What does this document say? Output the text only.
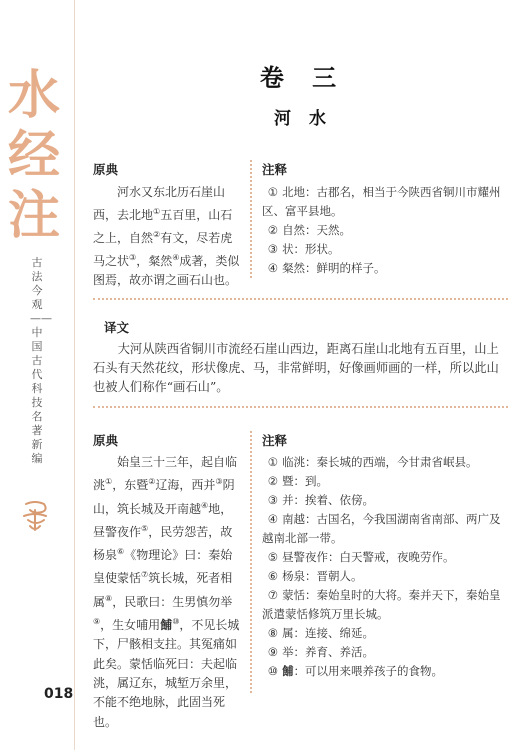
水
经
注
古法今观——中国古代科技名著新编
018
卷 三
河 水
原典	注释
河水又东北历石崖山西，去北地①五百里，山石之上，自然②有文，尽若虎马之状③，粲然④成著，类似图焉，故亦谓之画石山也。
① 北地：古郡名，相当于今陕西省铜川市耀州区、富平县地。
② 自然：天然。
③ 状：形状。
④ 粲然：鲜明的样子。
译文
大河从陕西省铜川市流经石崖山西边，距离石崖山北地有五百里，山上石头有天然花纹，形状像虎、马，非常鲜明，好像画师画的一样，所以此山也被人们称作“画石山”。
原典	注释
始皇三十三年，起自临洮①，东暨②辽海，西并③阴山，筑长城及开南越④地，昼警夜作⑤，民劳怨苦，故杨泉⑥《物理论》曰：秦始皇使蒙恬⑦筑长城，死者相属⑧，民歌曰：生男慎勿举⑨，生女哺用餔⑩，不见长城下，尸骸相支拄。其冤痛如此矣。蒙恬临死曰：夫起临洮，属辽东，城堑万余里，不能不绝地脉，此固当死也。
① 临洮：秦长城的西端，今甘肃省岷县。
② 暨：到。
③ 并：挨着、依傍。
④ 南越：古国名，今我国湖南省南部、两广及越南北部一带。
⑤ 昼警夜作：白天警戒，夜晚劳作。
⑥ 杨泉：晋朝人。
⑦ 蒙恬：秦始皇时的大将。秦并天下，秦始皇派遣蒙恬修筑万里长城。
⑧ 属：连接、绵延。
⑨ 举：养育、养活。
⑩ 餔：可以用来喂养孩子的食物。
